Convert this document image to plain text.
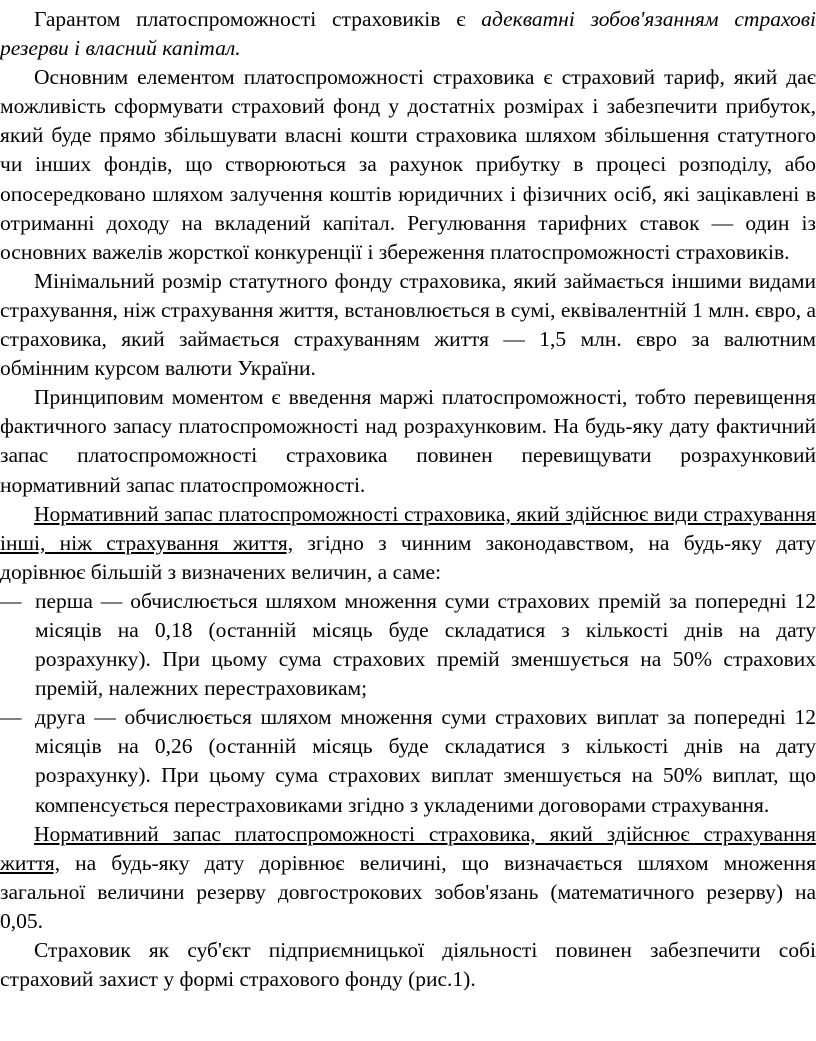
Гарантом платоспроможності страховиків є адекватні зобов'язанням страхові резерви і власний капітал.

Основним елементом платоспроможності страховика є страховий тариф, який дає можливість сформувати страховий фонд у достатніх розмірах і забезпечити прибуток, який буде прямо збільшувати власні кошти страховика шляхом збільшення статутного чи інших фондів, що створюються за рахунок прибутку в процесі розподілу, або опосередковано шляхом залучення коштів юридичних і фізичних осіб, які зацікавлені в отриманні доходу на вкладений капітал. Регулювання тарифних ставок — один із основних важелів жорсткої конкуренції і збереження платоспроможності страховиків.

Мінімальний розмір статутного фонду страховика, який займається іншими видами страхування, ніж страхування життя, встановлюється в сумі, еквівалентній 1 млн. євро, а страховика, який займається страхуванням життя — 1,5 млн. євро за валютним обмінним курсом валюти України.

Принциповим моментом є введення маржі платоспроможності, тобто перевищення фактичного запасу платоспроможності над розрахунковим. На будь-яку дату фактичний запас платоспроможності страховика повинен перевищувати розрахунковий нормативний запас платоспроможності.

Нормативний запас платоспроможності страховика, який здійснює види страхування інші, ніж страхування життя, згідно з чинним законодавством, на будь-яку дату дорівнює більшій з визначених величин, а саме:

— перша — обчислюється шляхом множення суми страхових премій за попередні 12 місяців на 0,18 (останній місяць буде складатися з кількості днів на дату розрахунку). При цьому сума страхових премій зменшується на 50% страхових премій, належних перестраховикам;

— друга — обчислюється шляхом множення суми страхових виплат за попередні 12 місяців на 0,26 (останній місяць буде складатися з кількості днів на дату розрахунку). При цьому сума страхових виплат зменшується на 50% виплат, що компенсується перестраховиками згідно з укладеними договорами страхування.

Нормативний запас платоспроможності страховика, який здійснює страхування життя, на будь-яку дату дорівнює величині, що визначається шляхом множення загальної величини резерву довгострокових зобов'язань (математичного резерву) на 0,05.

Страховик як суб'єкт підприємницької діяльності повинен забезпечити собі страховий захист у формі страхового фонду (рис.1).
